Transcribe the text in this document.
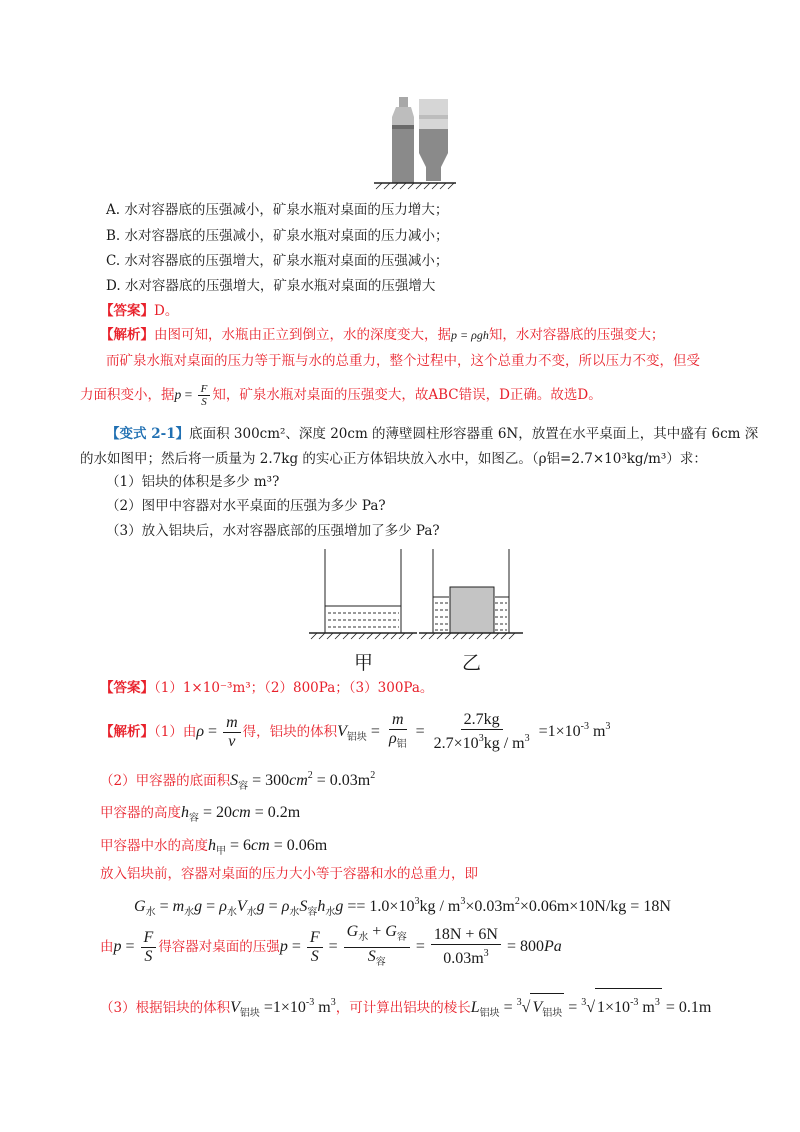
A. 水对容器底的压强减小，矿泉水瓶对桌面的压力增大；
B. 水对容器底的压强减小，矿泉水瓶对桌面的压力减小；
C. 水对容器底的压强增大，矿泉水瓶对桌面的压强减小；
D. 水对容器底的压强增大，矿泉水瓶对桌面的压强增大
【答案】D。
【解析】由图可知，水瓶由正立到倒立，水的深度变大，据p = ρgh知，水对容器底的压强变大；
而矿泉水瓶对桌面的压力等于瓶与水的总重力，整个过程中，这个总重力不变，所以压力不变，但受
力面积变小，据$p = \frac{F}{S}$ 知，矿泉水瓶对桌面的压强变大，故ABC错误，D正确。故选D。
【变式 2-1】底面积 300cm²、深度 20cm 的薄壁圆柱形容器重 6N，放置在水平桌面上，其中盛有 6cm 深
的水如图甲；然后将一质量为 2.7kg 的实心正方体铝块放入水中，如图乙。（ρ铝=2.7×10³kg/m³）求：
（1）铝块的体积是多少 m³?
（2）图甲中容器对水平桌面的压强为多少 Pa?
（3）放入铝块后，水对容器底部的压强增加了多少 Pa?
甲	乙
【答案】（1）1×10⁻³m³；（2）800Pa；（3）300Pa。
【解析】（1）由$\rho = \frac{m}{v}$ 得，铝块的体积$V_{铝块} = \frac{m}{\rho_铝} = \frac{2.7kg}{2.7\times 10^3kg / m^3} =1\times 10^{-3}$ $m^3$
（2）甲容器的底面积$S_容 = 300cm^2 = 0.03m^2$
甲容器的高度$h_容 = 20cm = 0.2m$
甲容器中水的高度$h_甲 = 6cm = 0.06m$
放入铝块前，容器对桌面的压力大小等于容器和水的总重力，即
$G_水 = m_水g = \rho_水V_水g = \rho_水S_容h_水g == 1.0\times 10^3kg / m^3\times 0.03m^2\times 0.06m\times 10N/kg = 18N$
由$p = \frac{F}{S}$ 得容器对桌面的压强$p = \frac{F}{S} = \frac{G_水 + G_容}{S_容} = \frac{18N + 6N}{0.03m^3} = 800Pa$
（3）根据铝块的体积$V_{铝块} =1\times 10^{-3}$ $m^3$，可计算出铝块的棱长$L_{铝块} = ^3√$ $V_{铝块} = ^3√$ $1\times 10^{-3}$ $m^3 = 0.1m$
